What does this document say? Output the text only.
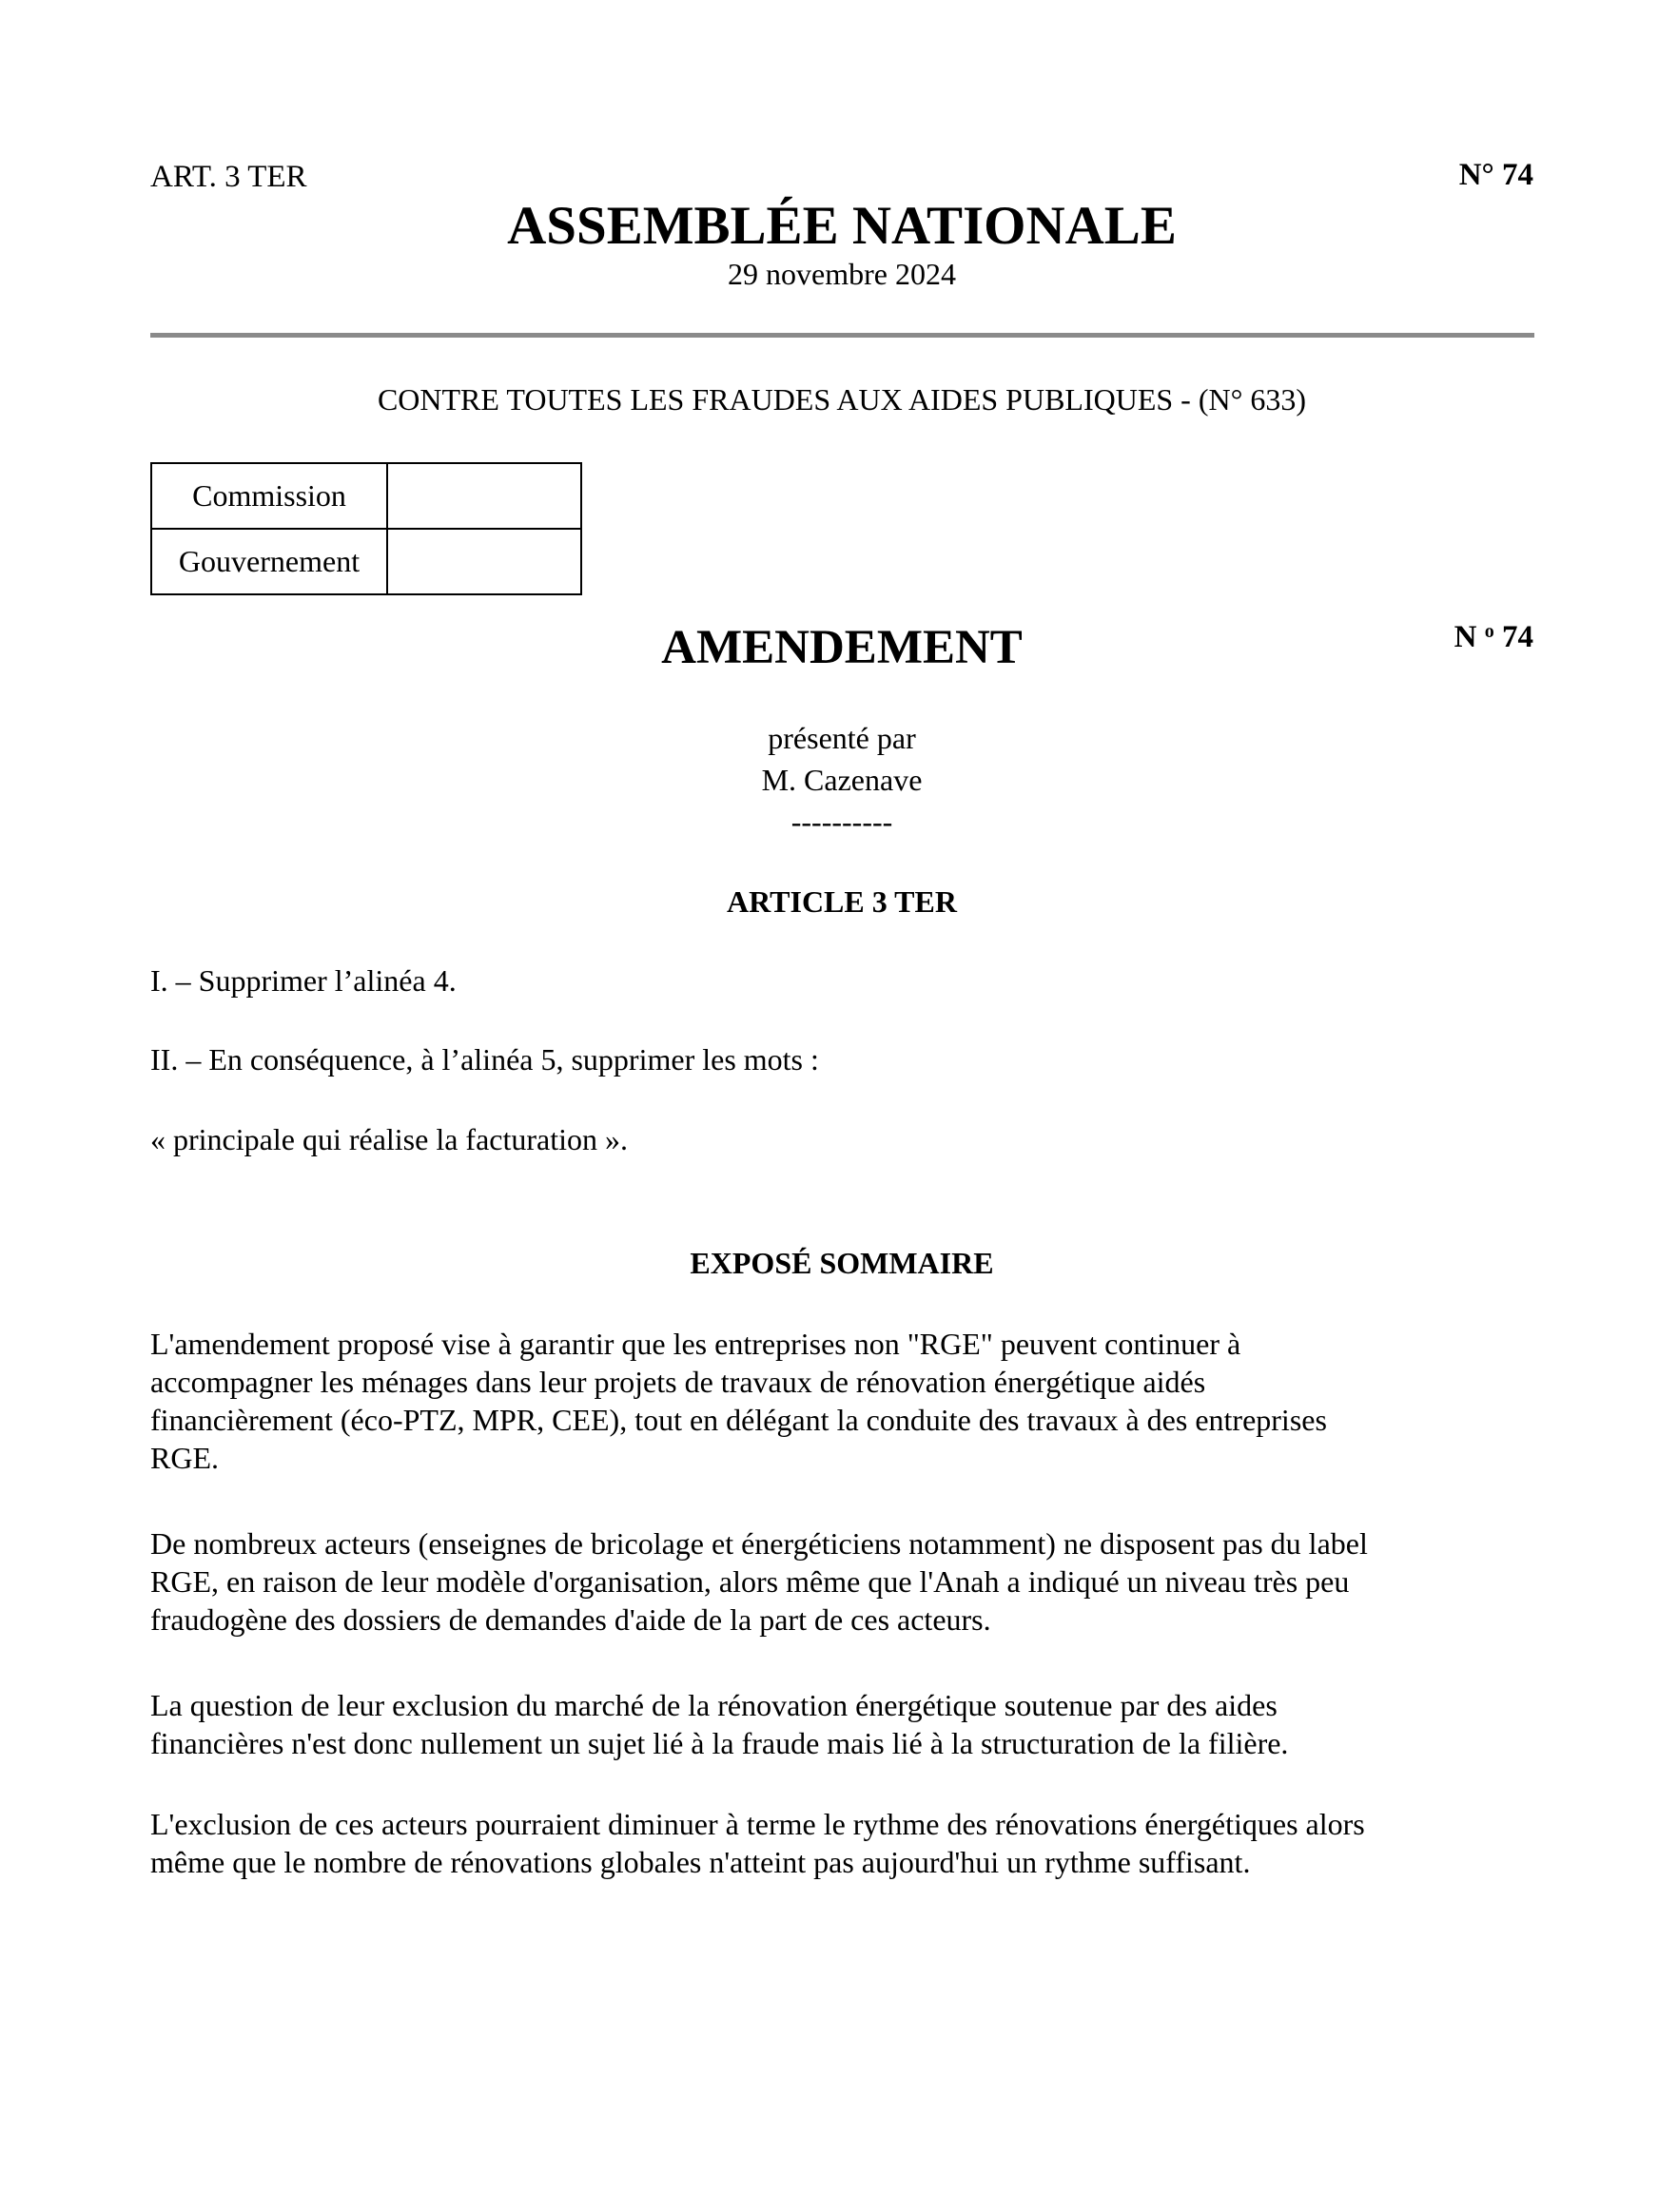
ART. 3 TER	N° 74
ASSEMBLÉE NATIONALE
29 novembre 2024
CONTRE TOUTES LES FRAUDES AUX AIDES PUBLIQUES - (N° 633)
Commission	
Gouvernement	
AMENDEMENT	N $^o$ 74
présenté par
M. Cazenave
----------
ARTICLE 3 TER
I. – Supprimer l’alinéa 4.
II. – En conséquence, à l’alinéa 5, supprimer les mots :
« principale qui réalise la facturation ».
EXPOSÉ SOMMAIRE
L'amendement proposé vise à garantir que les entreprises non "RGE" peuvent continuer à
accompagner les ménages dans leur projets de travaux de rénovation énergétique aidés
financièrement (éco-PTZ, MPR, CEE), tout en délégant la conduite des travaux à des entreprises
RGE.
De nombreux acteurs (enseignes de bricolage et énergéticiens notamment) ne disposent pas du label
RGE, en raison de leur modèle d'organisation, alors même que l'Anah a indiqué un niveau très peu
fraudogène des dossiers de demandes d'aide de la part de ces acteurs.
La question de leur exclusion du marché de la rénovation énergétique soutenue par des aides
financières n'est donc nullement un sujet lié à la fraude mais lié à la structuration de la filière.
L'exclusion de ces acteurs pourraient diminuer à terme le rythme des rénovations énergétiques alors
même que le nombre de rénovations globales n'atteint pas aujourd'hui un rythme suffisant.
